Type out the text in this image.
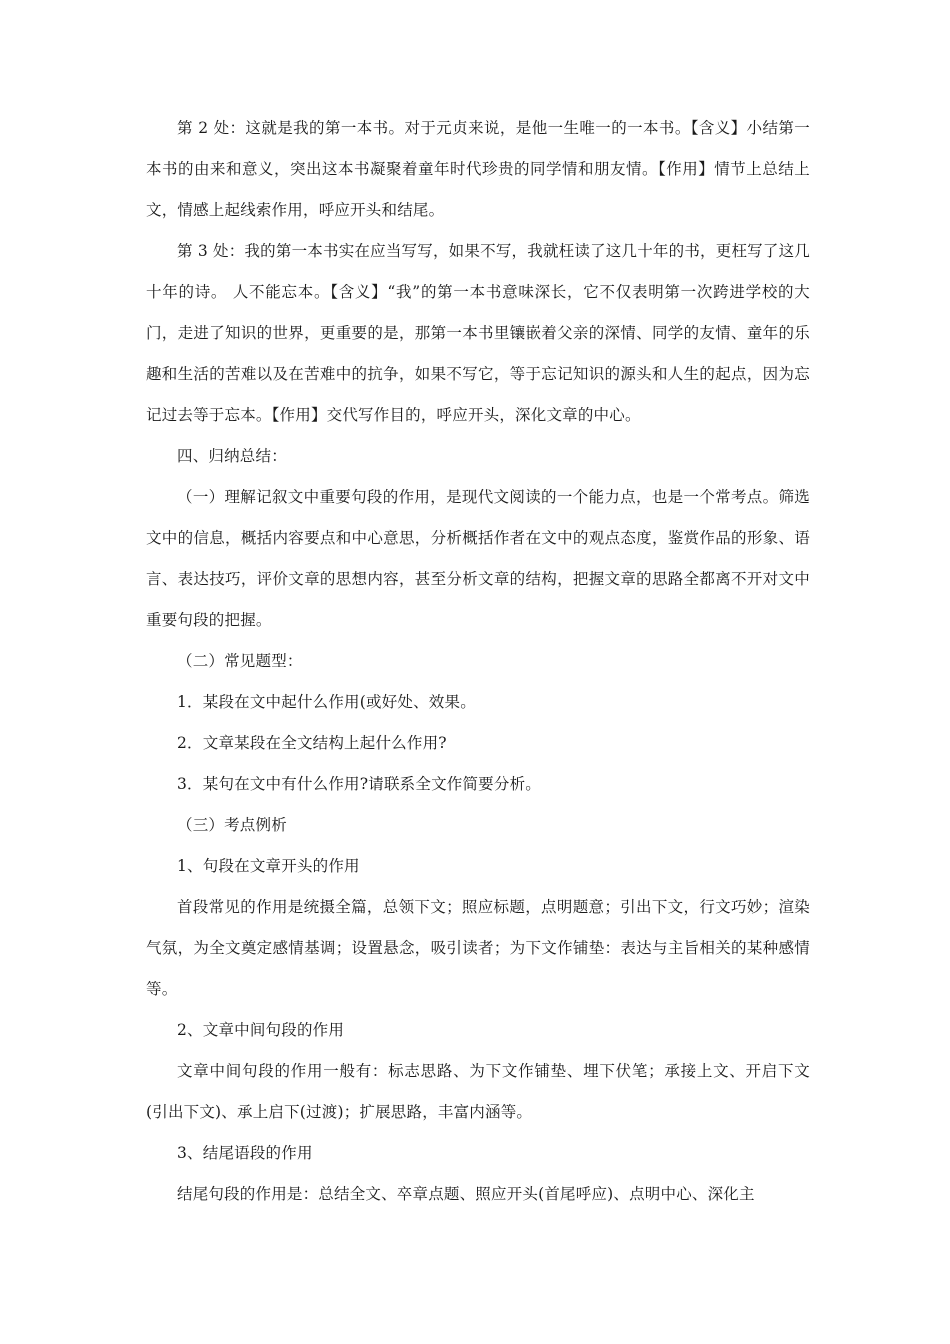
第 2 处：这就是我的第一本书。对于元贞来说，是他一生唯一的一本书。【含义】小结第一本书的由来和意义，突出这本书凝聚着童年时代珍贵的同学情和朋友情。【作用】情节上总结上文，情感上起线索作用，呼应开头和结尾。

第 3 处：我的第一本书实在应当写写，如果不写，我就枉读了这几十年的书，更枉写了这几十年的诗。 人不能忘本。【含义】“我”的第一本书意味深长，它不仅表明第一次跨进学校的大门，走进了知识的世界，更重要的是，那第一本书里镶嵌着父亲的深情、同学的友情、童年的乐趣和生活的苦难以及在苦难中的抗争，如果不写它，等于忘记知识的源头和人生的起点，因为忘记过去等于忘本。【作用】交代写作目的，呼应开头，深化文章的中心。

四、归纳总结：

（一）理解记叙文中重要句段的作用，是现代文阅读的一个能力点，也是一个常考点。筛选文中的信息，概括内容要点和中心意思，分析概括作者在文中的观点态度，鉴赏作品的形象、语言、表达技巧，评价文章的思想内容，甚至分析文章的结构，把握文章的思路全都离不开对文中重要句段的把握。

（二）常见题型：

1．某段在文中起什么作用(或好处、效果。

2．文章某段在全文结构上起什么作用?

3．某句在文中有什么作用?请联系全文作简要分析。

（三）考点例析

1、句段在文章开头的作用

首段常见的作用是统摄全篇，总领下文；照应标题，点明题意；引出下文，行文巧妙；渲染气氛，为全文奠定感情基调；设置悬念，吸引读者；为下文作铺垫：表达与主旨相关的某种感情等。

2、文章中间句段的作用

文章中间句段的作用一般有：标志思路、为下文作铺垫、埋下伏笔；承接上文、开启下文(引出下文)、承上启下(过渡)；扩展思路，丰富内涵等。

3、结尾语段的作用

结尾句段的作用是：总结全文、卒章点题、照应开头(首尾呼应)、点明中心、深化主
